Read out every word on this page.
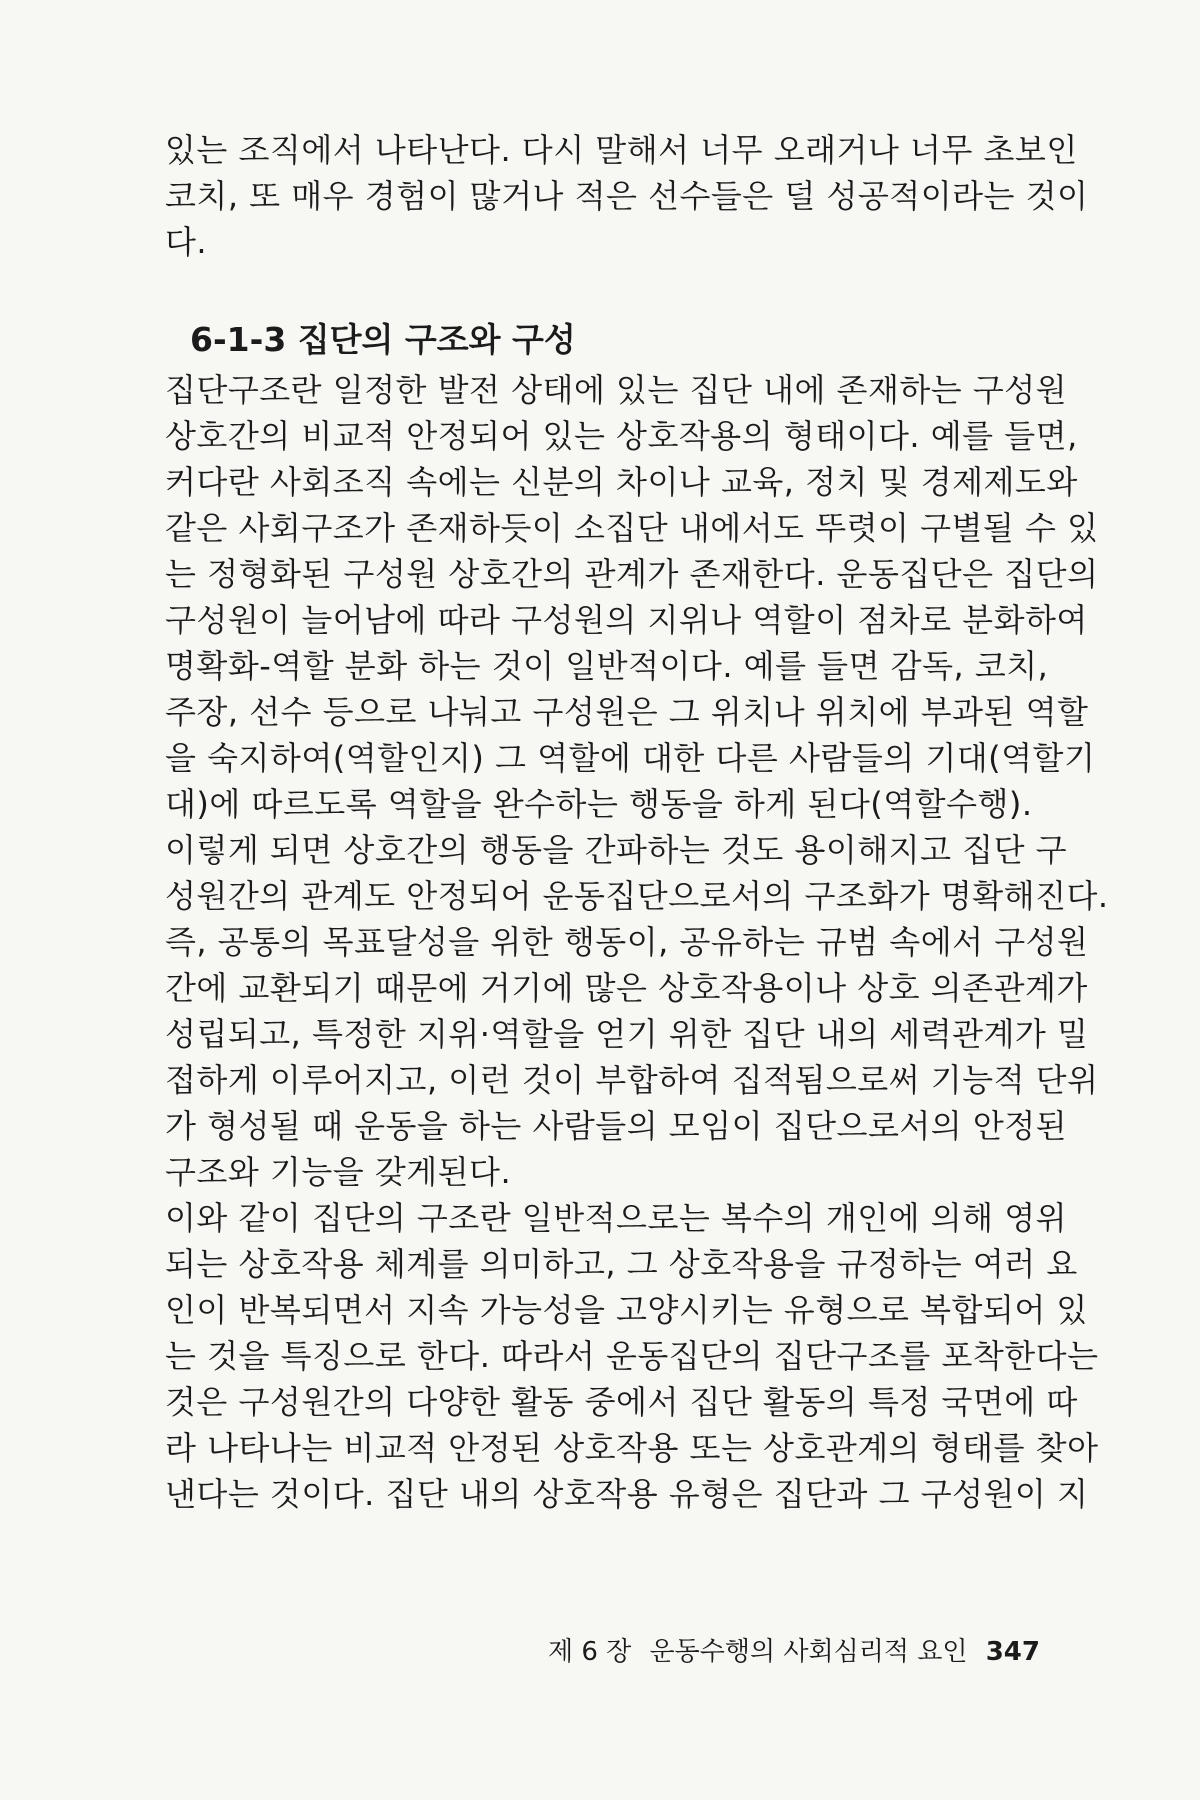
있는 조직에서 나타난다. 다시 말해서 너무 오래거나 너무 초보인
코치, 또 매우 경험이 많거나 적은 선수들은 덜 성공적이라는 것이
다.
6-1-3 집단의 구조와 구성
집단구조란 일정한 발전 상태에 있는 집단 내에 존재하는 구성원
상호간의 비교적 안정되어 있는 상호작용의 형태이다. 예를 들면,
커다란 사회조직 속에는 신분의 차이나 교육, 정치 및 경제제도와
같은 사회구조가 존재하듯이 소집단 내에서도 뚜렷이 구별될 수 있
는 정형화된 구성원 상호간의 관계가 존재한다. 운동집단은 집단의
구성원이 늘어남에 따라 구성원의 지위나 역할이 점차로 분화하여
명확화-역할 분화 하는 것이 일반적이다. 예를 들면 감독, 코치,
주장, 선수 등으로 나눠고 구성원은 그 위치나 위치에 부과된 역할
을 숙지하여(역할인지) 그 역할에 대한 다른 사람들의 기대(역할기
대)에 따르도록 역할을 완수하는 행동을 하게 된다(역할수행).
이렇게 되면 상호간의 행동을 간파하는 것도 용이해지고 집단 구
성원간의 관계도 안정되어 운동집단으로서의 구조화가 명확해진다.
즉, 공통의 목표달성을 위한 행동이, 공유하는 규범 속에서 구성원
간에 교환되기 때문에 거기에 많은 상호작용이나 상호 의존관계가
성립되고, 특정한 지위·역할을 얻기 위한 집단 내의 세력관계가 밀
접하게 이루어지고, 이런 것이 부합하여 집적됨으로써 기능적 단위
가 형성될 때 운동을 하는 사람들의 모임이 집단으로서의 안정된
구조와 기능을 갖게된다.
이와 같이 집단의 구조란 일반적으로는 복수의 개인에 의해 영위
되는 상호작용 체계를 의미하고, 그 상호작용을 규정하는 여러 요
인이 반복되면서 지속 가능성을 고양시키는 유형으로 복합되어 있
는 것을 특징으로 한다. 따라서 운동집단의 집단구조를 포착한다는
것은 구성원간의 다양한 활동 중에서 집단 활동의 특정 국면에 따
라 나타나는 비교적 안정된 상호작용 또는 상호관계의 형태를 찾아
낸다는 것이다. 집단 내의 상호작용 유형은 집단과 그 구성원이 지
제 6 장 운동수행의 사회심리적 요인 347
